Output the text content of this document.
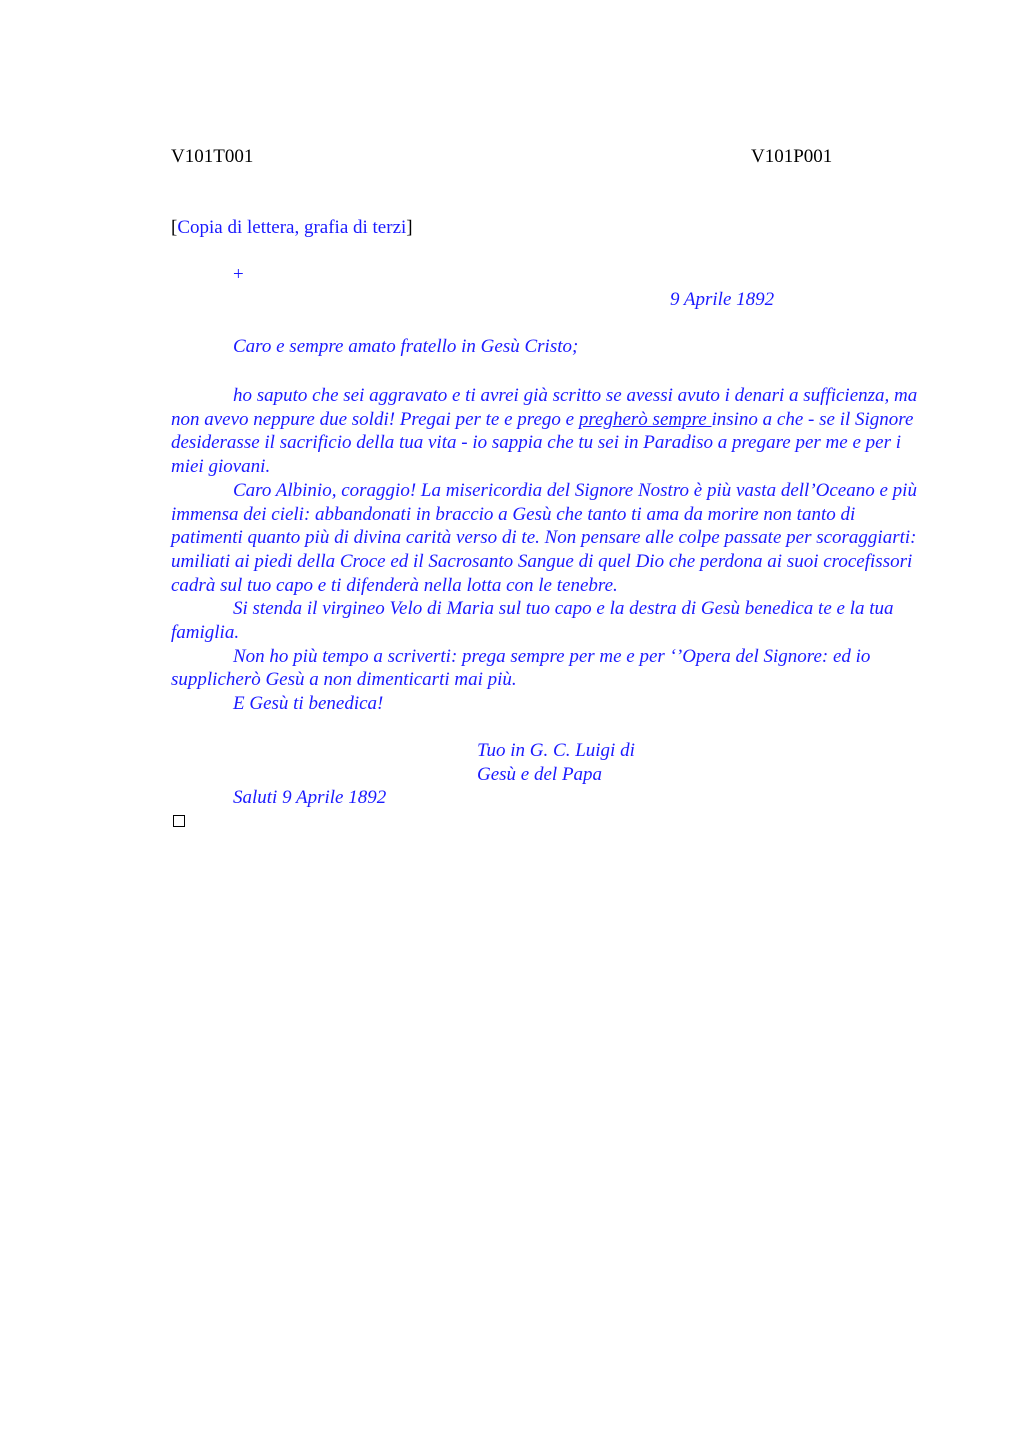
V101T001	V101P001
[Copia di lettera, grafia di terzi]
+
9 Aprile 1892
Caro e sempre amato fratello in Gesù Cristo;

ho saputo che sei aggravato e ti avrei già scritto se avessi avuto i denari a sufficienza, ma non avevo neppure due soldi! Pregai per te e prego e pregherò sempre insino a che - se il Signore desiderasse il sacrificio della tua vita - io sappia che tu sei in Paradiso a pregare per me e per i miei giovani.

Caro Albinio, coraggio! La misericordia del Signore Nostro è più vasta dell’Oceano e più immensa dei cieli: abbandonati in braccio a Gesù che tanto ti ama da morire non tanto di patimenti quanto più di divina carità verso di te. Non pensare alle colpe passate per scoraggiarti: umiliati ai piedi della Croce ed il Sacrosanto Sangue di quel Dio che perdona ai suoi crocefissori cadrà sul tuo capo e ti difenderà nella lotta con le tenebre.

Si stenda il virgineo Velo di Maria sul tuo capo e la destra di Gesù benedica te e la tua famiglia.

Non ho più tempo a scriverti: prega sempre per me e per ‘’Opera del Signore: ed io supplicherò Gesù a non dimenticarti mai più.

E Gesù ti benedica!

Tuo in G. C. Luigi di
Gesù e del Papa
Saluti 9 Aprile 1892
